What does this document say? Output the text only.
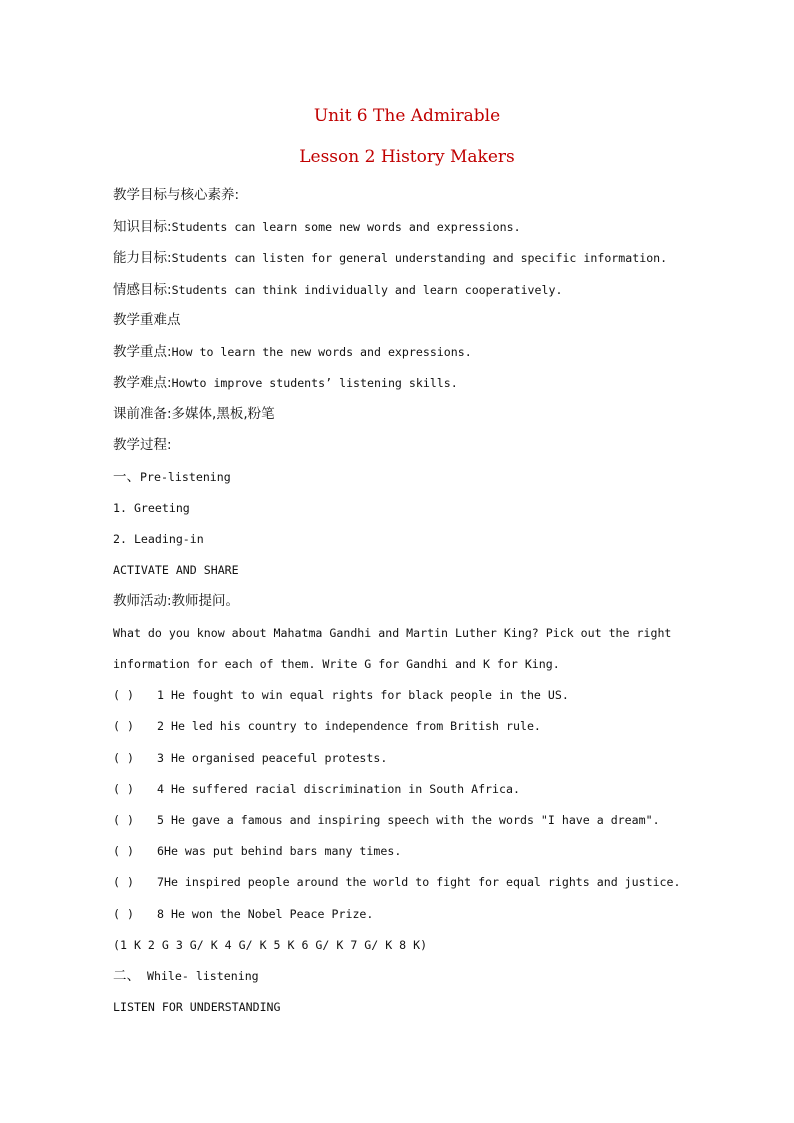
Unit 6 The Admirable
Lesson 2 History Makers
教学目标与核心素养:
知识目标:Students can learn some new words and expressions.
能力目标:Students can listen for general understanding and specific information.
情感目标:Students can think individually and learn cooperatively.
教学重难点
教学重点:How to learn the new words and expressions.
教学难点:Howto improve students’ listening skills.
课前准备:多媒体,黑板,粉笔
教学过程:
一、Pre-listening
1. Greeting
2. Leading-in
ACTIVATE AND SHARE
教师活动:教师提问。
What do you know about Mahatma Gandhi and Martin Luther King? Pick out the right
information for each of them. Write G for Gandhi and K for King.
( ) 1 He fought to win equal rights for black people in the US.
( ) 2 He led his country to independence from British rule.
( ) 3 He organised peaceful protests.
( ) 4 He suffered racial discrimination in South Africa.
( ) 5 He gave a famous and inspiring speech with the words "I have a dream".
( ) 6He was put behind bars many times.
( ) 7He inspired people around the world to fight for equal rights and justice.
( ) 8 He won the Nobel Peace Prize.
(1 K 2 G 3 G/ K 4 G/ K 5 K 6 G/ K 7 G/ K 8 K)
二、 While- listening
LISTEN FOR UNDERSTANDING
